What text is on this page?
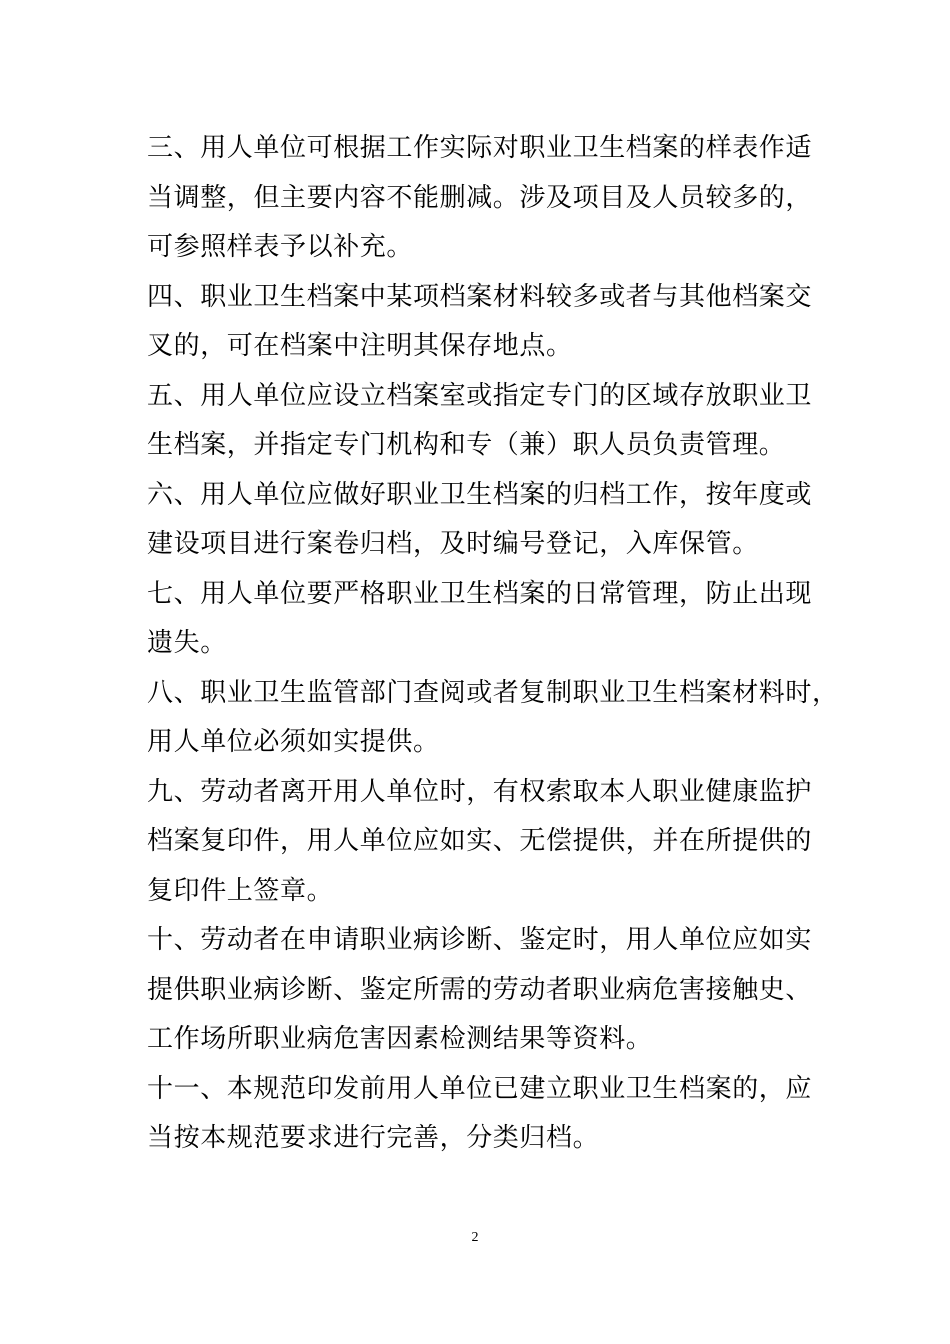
三、用人单位可根据工作实际对职业卫生档案的样表作适
当调整，但主要内容不能删减。涉及项目及人员较多的，
可参照样表予以补充。
四、职业卫生档案中某项档案材料较多或者与其他档案交
叉的，可在档案中注明其保存地点。
五、用人单位应设立档案室或指定专门的区域存放职业卫
生档案，并指定专门机构和专（兼）职人员负责管理。
六、用人单位应做好职业卫生档案的归档工作，按年度或
建设项目进行案卷归档，及时编号登记，入库保管。
七、用人单位要严格职业卫生档案的日常管理，防止出现
遗失。
八、职业卫生监管部门查阅或者复制职业卫生档案材料时，
用人单位必须如实提供。
九、劳动者离开用人单位时，有权索取本人职业健康监护
档案复印件，用人单位应如实、无偿提供，并在所提供的
复印件上签章。
十、劳动者在申请职业病诊断、鉴定时，用人单位应如实
提供职业病诊断、鉴定所需的劳动者职业病危害接触史、
工作场所职业病危害因素检测结果等资料。
十一、本规范印发前用人单位已建立职业卫生档案的，应
当按本规范要求进行完善，分类归档。
2
